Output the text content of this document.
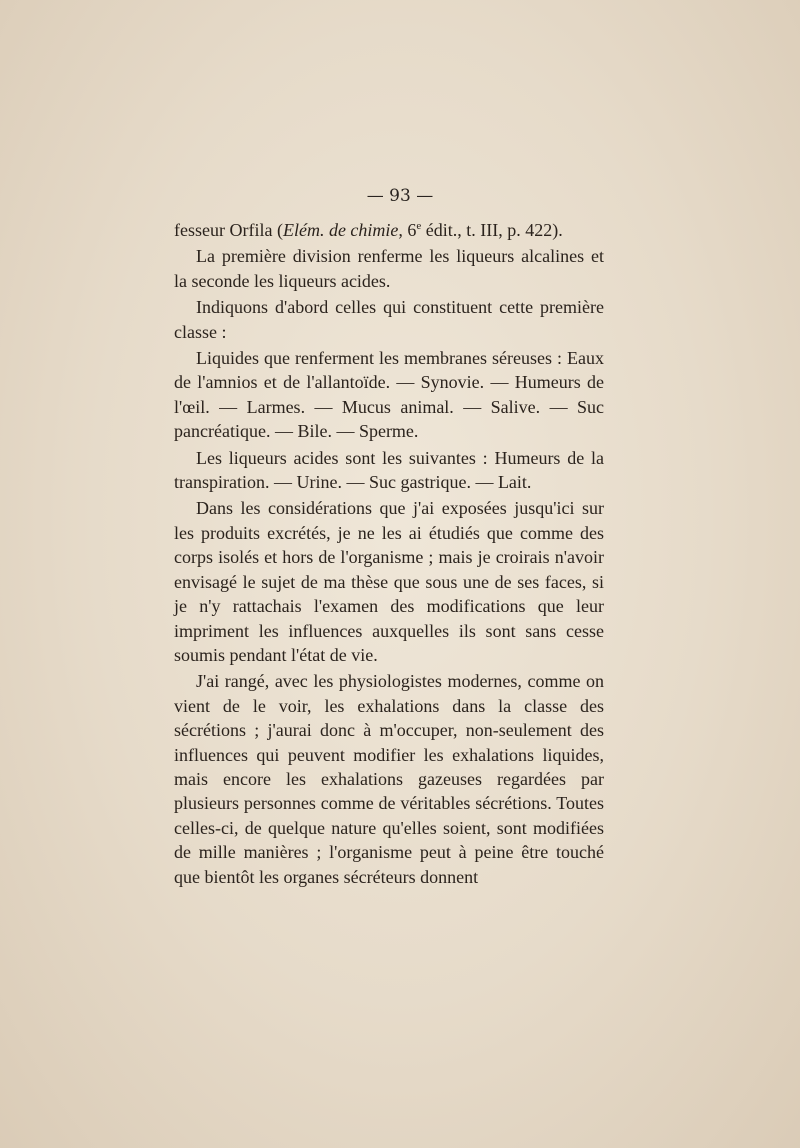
— 93 —

fesseur Orfila (Elém. de chimie, 6e édit., t. III, p. 422).

La première division renferme les liqueurs alcalines et la seconde les liqueurs acides.

Indiquons d'abord celles qui constituent cette première classe :

Liquides que renferment les membranes séreuses : Eaux de l'amnios et de l'allantoïde. — Synovie. — Humeurs de l'œil. — Larmes. — Mucus animal. — Salive. — Suc pancréatique. — Bile. — Sperme.

Les liqueurs acides sont les suivantes : Humeurs de la transpiration. — Urine. — Suc gastrique. — Lait.

Dans les considérations que j'ai exposées jusqu'ici sur les produits excrétés, je ne les ai étudiés que comme des corps isolés et hors de l'organisme ; mais je croirais n'avoir envisagé le sujet de ma thèse que sous une de ses faces, si je n'y rattachais l'examen des modifications que leur impriment les influences auxquelles ils sont sans cesse soumis pendant l'état de vie.

J'ai rangé, avec les physiologistes modernes, comme on vient de le voir, les exhalations dans la classe des sécrétions ; j'aurai donc à m'occuper, non-seulement des influences qui peuvent modifier les exhalations liquides, mais encore les exhalations gazeuses regardées par plusieurs personnes comme de véritables sécrétions. Toutes celles-ci, de quelque nature qu'elles soient, sont modifiées de mille manières ; l'organisme peut à peine être touché que bientôt les organes sécréteurs donnent
